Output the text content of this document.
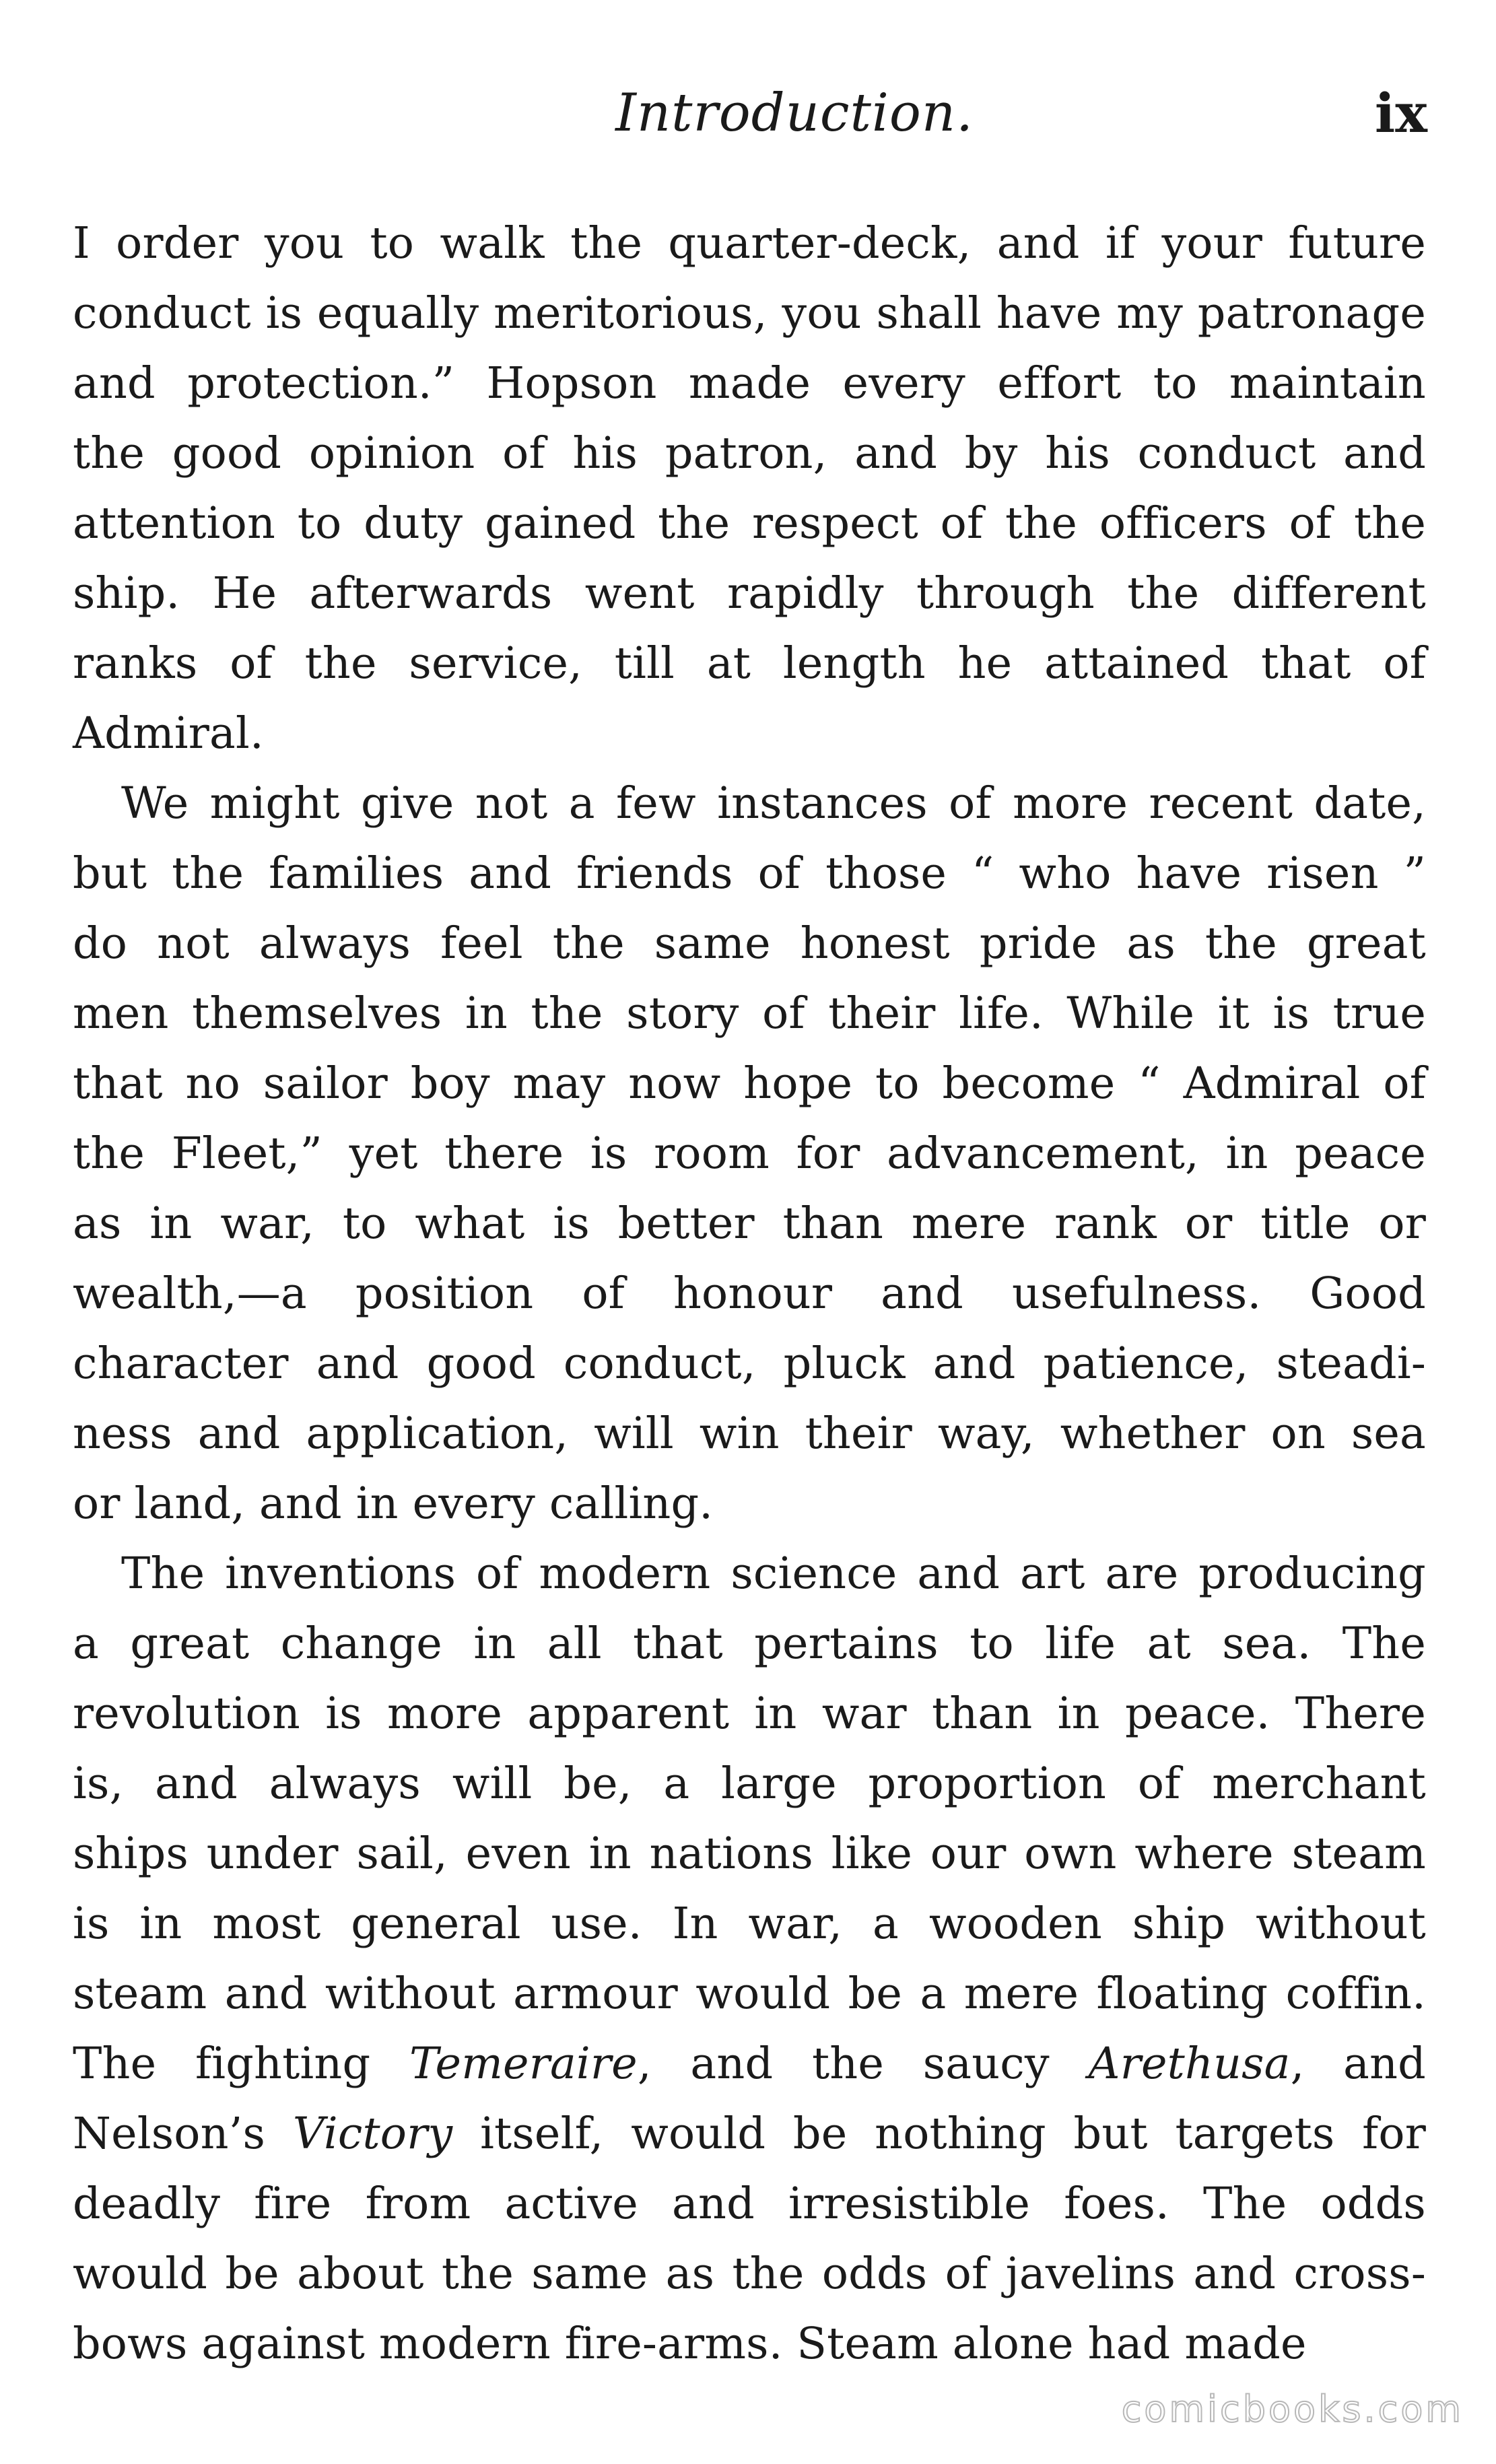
Introduction.	ix
I order you to walk the quarter-deck, and if your future
conduct is equally meritorious, you shall have my patronage
and protection.” Hopson made every effort to maintain
the good opinion of his patron, and by his conduct and
attention to duty gained the respect of the officers of the
ship. He afterwards went rapidly through the different
ranks of the service, till at length he attained that of
Admiral.
We might give not a few instances of more recent date,
but the families and friends of those “ who have risen ”
do not always feel the same honest pride as the great
men themselves in the story of their life. While it is true
that no sailor boy may now hope to become “ Admiral of
the Fleet,” yet there is room for advancement, in peace
as in war, to what is better than mere rank or title or
wealth,—a position of honour and usefulness. Good
character and good conduct, pluck and patience, steadi-
ness and application, will win their way, whether on sea
or land, and in every calling.
The inventions of modern science and art are producing
a great change in all that pertains to life at sea. The
revolution is more apparent in war than in peace. There
is, and always will be, a large proportion of merchant
ships under sail, even in nations like our own where steam
is in most general use. In war, a wooden ship without
steam and without armour would be a mere floating coffin.
The fighting Temeraire, and the saucy Arethusa, and
Nelson’s Victory itself, would be nothing but targets for
deadly fire from active and irresistible foes. The odds
would be about the same as the odds of javelins and cross-
bows against modern fire-arms. Steam alone had made
comicbooks.com
